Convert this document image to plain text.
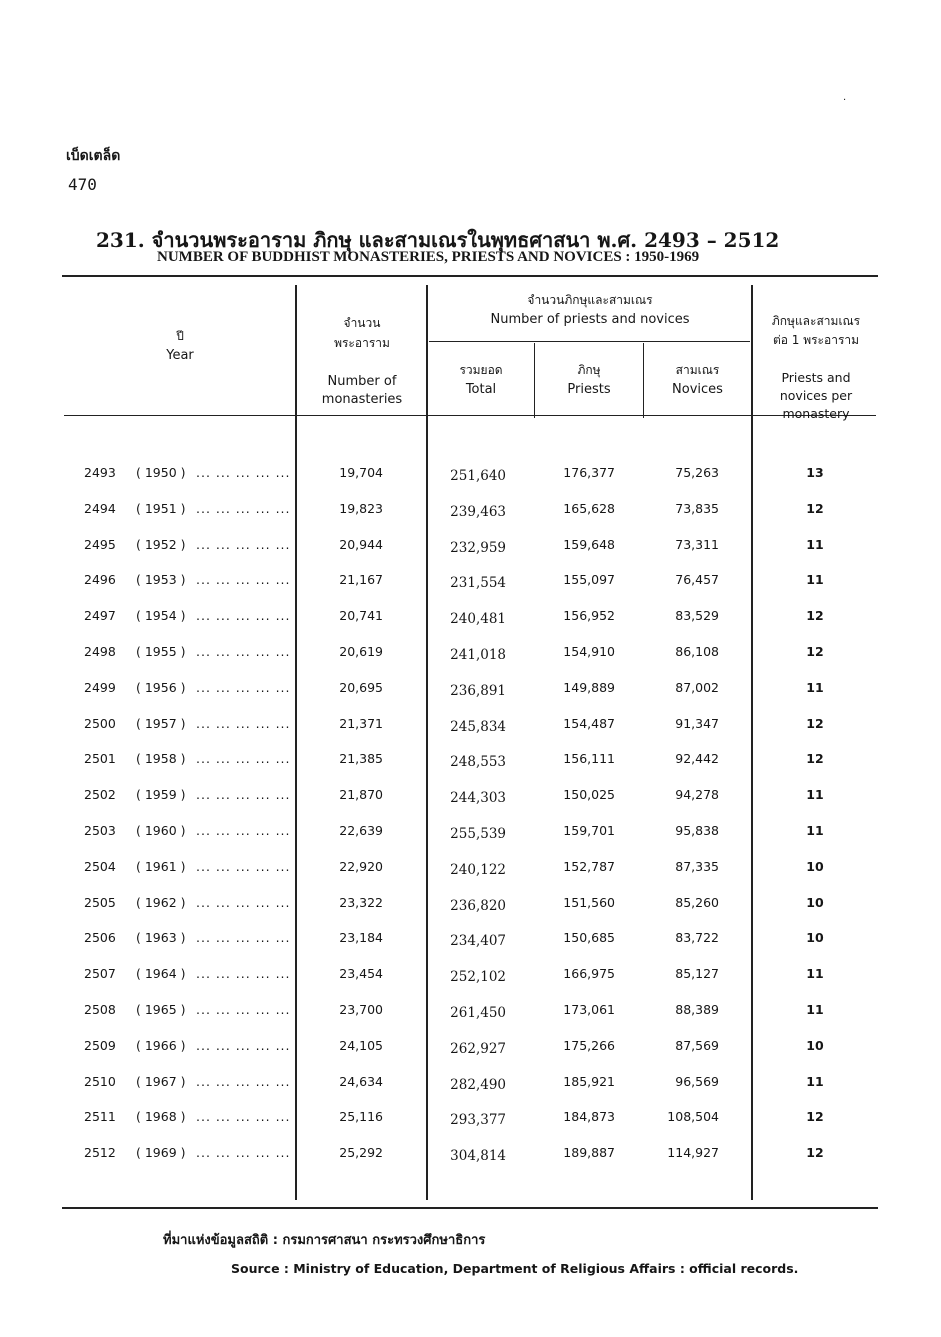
·
เบ็ดเตล็ด
470
231. จำนวนพระอาราม ภิกษุ และสามเณรในพุทธศาสนา พ.ศ. 2493 – 2512
NUMBER OF BUDDHIST MONASTERIES, PRIESTS AND NOVICES : 1950-1969
ปี
Year

จำนวน
พระอาราม

Number of
monasteries

จำนวนภิกษุและสามเณร
Number of priests and novices
รวมยอด
Total
ภิกษุ
Priests
สามเณร
Novices

ภิกษุและสามเณร
ต่อ 1 พระอาราม

Priests and
novices per
monastery

2493 ( 1950 ) ... ... ... ... ...	19,704	251,640	176,377	75,263	13
2494 ( 1951 ) ... ... ... ... ...	19,823	239,463	165,628	73,835	12
2495 ( 1952 ) ... ... ... ... ...	20,944	232,959	159,648	73,311	11
2496 ( 1953 ) ... ... ... ... ...	21,167	231,554	155,097	76,457	11
2497 ( 1954 ) ... ... ... ... ...	20,741	240,481	156,952	83,529	12
2498 ( 1955 ) ... ... ... ... ...	20,619	241,018	154,910	86,108	12
2499 ( 1956 ) ... ... ... ... ...	20,695	236,891	149,889	87,002	11
2500 ( 1957 ) ... ... ... ... ...	21,371	245,834	154,487	91,347	12
2501 ( 1958 ) ... ... ... ... ...	21,385	248,553	156,111	92,442	12
2502 ( 1959 ) ... ... ... ... ...	21,870	244,303	150,025	94,278	11
2503 ( 1960 ) ... ... ... ... ...	22,639	255,539	159,701	95,838	11
2504 ( 1961 ) ... ... ... ... ...	22,920	240,122	152,787	87,335	10
2505 ( 1962 ) ... ... ... ... ...	23,322	236,820	151,560	85,260	10
2506 ( 1963 ) ... ... ... ... ...	23,184	234,407	150,685	83,722	10
2507 ( 1964 ) ... ... ... ... ...	23,454	252,102	166,975	85,127	11
2508 ( 1965 ) ... ... ... ... ...	23,700	261,450	173,061	88,389	11
2509 ( 1966 ) ... ... ... ... ...	24,105	262,927	175,266	87,569	10
2510 ( 1967 ) ... ... ... ... ...	24,634	282,490	185,921	96,569	11
2511 ( 1968 ) ... ... ... ... ...	25,116	293,377	184,873	108,504	12
2512 ( 1969 ) ... ... ... ... ...	25,292	304,814	189,887	114,927	12
ที่มาแห่งข้อมูลสถิติ : กรมการศาสนา กระทรวงศึกษาธิการ
Source : Ministry of Education, Department of Religious Affairs : official records.
